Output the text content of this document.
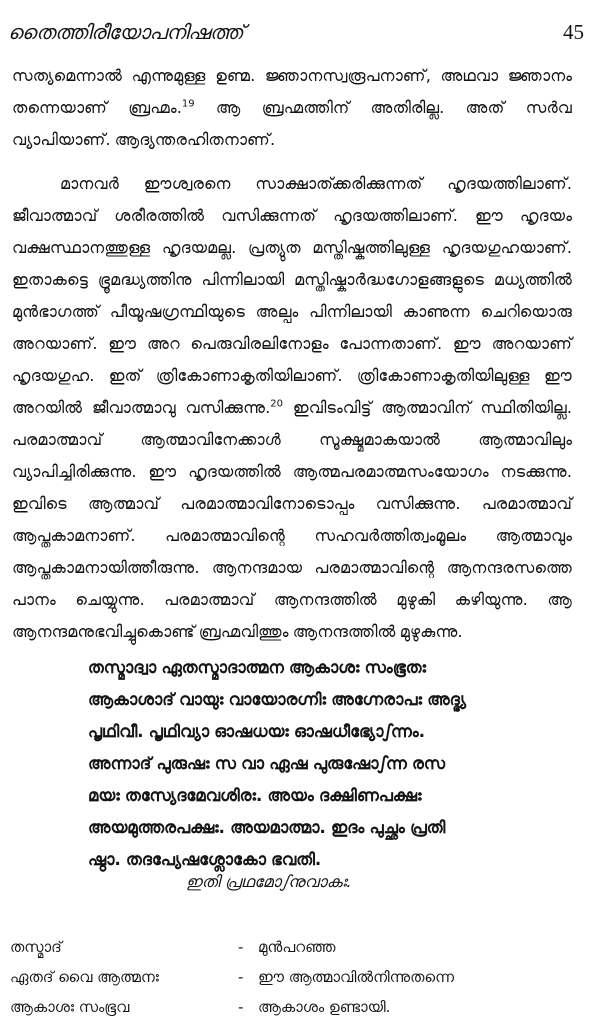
തൈത്തിരീയോപനിഷത്ത്	45

സത്യമെന്നാൽ എന്നുമുള്ള ഉണ്മ. ജ്ഞാനസ്വരൂപനാണ്, അഥവാ ജ്ഞാനം തന്നെയാണ് ബ്രഹ്മം.$^{19}$ ആ ബ്രഹ്മത്തിന് അതിരില്ല. അത് സർവ വ്യാപിയാണ്. ആദ്യന്തരഹിതനാണ്.

മാനവർ ഈശ്വരനെ സാക്ഷാത്ക്കരിക്കുന്നത് ഹൃദയത്തിലാണ്. ജീവാത്മാവ് ശരീരത്തിൽ വസിക്കുന്നത് ഹൃദയത്തിലാണ്. ഈ ഹൃദയം വക്ഷസ്ഥാനത്തുള്ള ഹൃദയമല്ല. പ്രത്യുത മസ്തിഷ്കത്തിലുള്ള ഹൃദയഗുഹയാണ്. ഇതാകട്ടെ ഭ്രൂമദ്ധ്യത്തിനു പിന്നിലായി മസ്തിഷ്കാർദ്ധഗോളങ്ങളുടെ മധ്യത്തിൽ മുൻഭാഗത്ത് പീയൂഷഗ്രന്ഥിയുടെ അല്പം പിന്നിലായി കാണുന്ന ചെറിയൊരു അറയാണ്. ഈ അറ പെരുവിരലിനോളം പോന്നതാണ്. ഈ അറയാണ് ഹൃദയഗുഹ. ഇത് ത്രികോണാകൃതിയിലാണ്. ത്രികോണാകൃതിയിലുള്ള ഈ അറയിൽ ജീവാത്മാവു വസിക്കുന്നു.$^{20}$ ഇവിടംവിട്ട് ആത്മാവിന് സ്ഥിതിയില്ല. പരമാത്മാവ് ആത്മാവിനേക്കാൾ സൂക്ഷ്മമാകയാൽ ആത്മാവിലും വ്യാപിച്ചിരിക്കുന്നു. ഈ ഹൃദയത്തിൽ ആത്മപരമാത്മസംയോഗം നടക്കുന്നു. ഇവിടെ ആത്മാവ് പരമാത്മാവിനോടൊപ്പം വസിക്കുന്നു. പരമാത്മാവ് ആപ്തകാമനാണ്. പരമാത്മാവിന്റെ സഹവർത്തിത്വംമൂലം ആത്മാവും ആപ്തകാമനായിത്തീരുന്നു. ആനന്ദമായ പരമാത്മാവിന്റെ ആനന്ദരസത്തെ പാനം ചെയ്യുന്നു. പരമാത്മാവ് ആനന്ദത്തിൽ മുഴുകി കഴിയുന്നു. ആ ആനന്ദമനുഭവിച്ചുകൊണ്ട് ബ്രഹ്മവിത്തും ആനന്ദത്തിൽ മുഴുകുന്നു.

തസ്മാദ്വാ ഏതസ്മാദാത്മന ആകാശഃ സംഭൂതഃ
ആകാശാദ് വായുഃ വായോരഗ്നിഃ അഗ്നേരാപഃ അദ്ഭ്യ
പൃഥിവീ. പൃഥിവ്യാ ഓഷധയഃ ഓഷധീഭ്യോഽന്നം.
അന്നാദ് പുരുഷഃ സ വാ ഏഷ പുരുഷോഽന്ന രസ
മയഃ തസ്യേദമേവശിരഃ. അയം ദക്ഷിണപക്ഷഃ
അയമുത്തരപക്ഷഃ. അയമാത്മാ. ഇദം പുച്ഛം പ്രതി
ഷ്ഠാ. തദപ്യേഷശ്ലോകോ ഭവതി.
ഇതി പ്രഥമോഽനുവാകഃ.
തസ്മാദ്	- മുൻപറഞ്ഞ
ഏതദ് വൈ ആത്മനഃ	- ഈ ആത്മാവിൽനിന്നുതന്നെ
ആകാശഃ സംഭൂവ	- ആകാശം ഉണ്ടായി.
